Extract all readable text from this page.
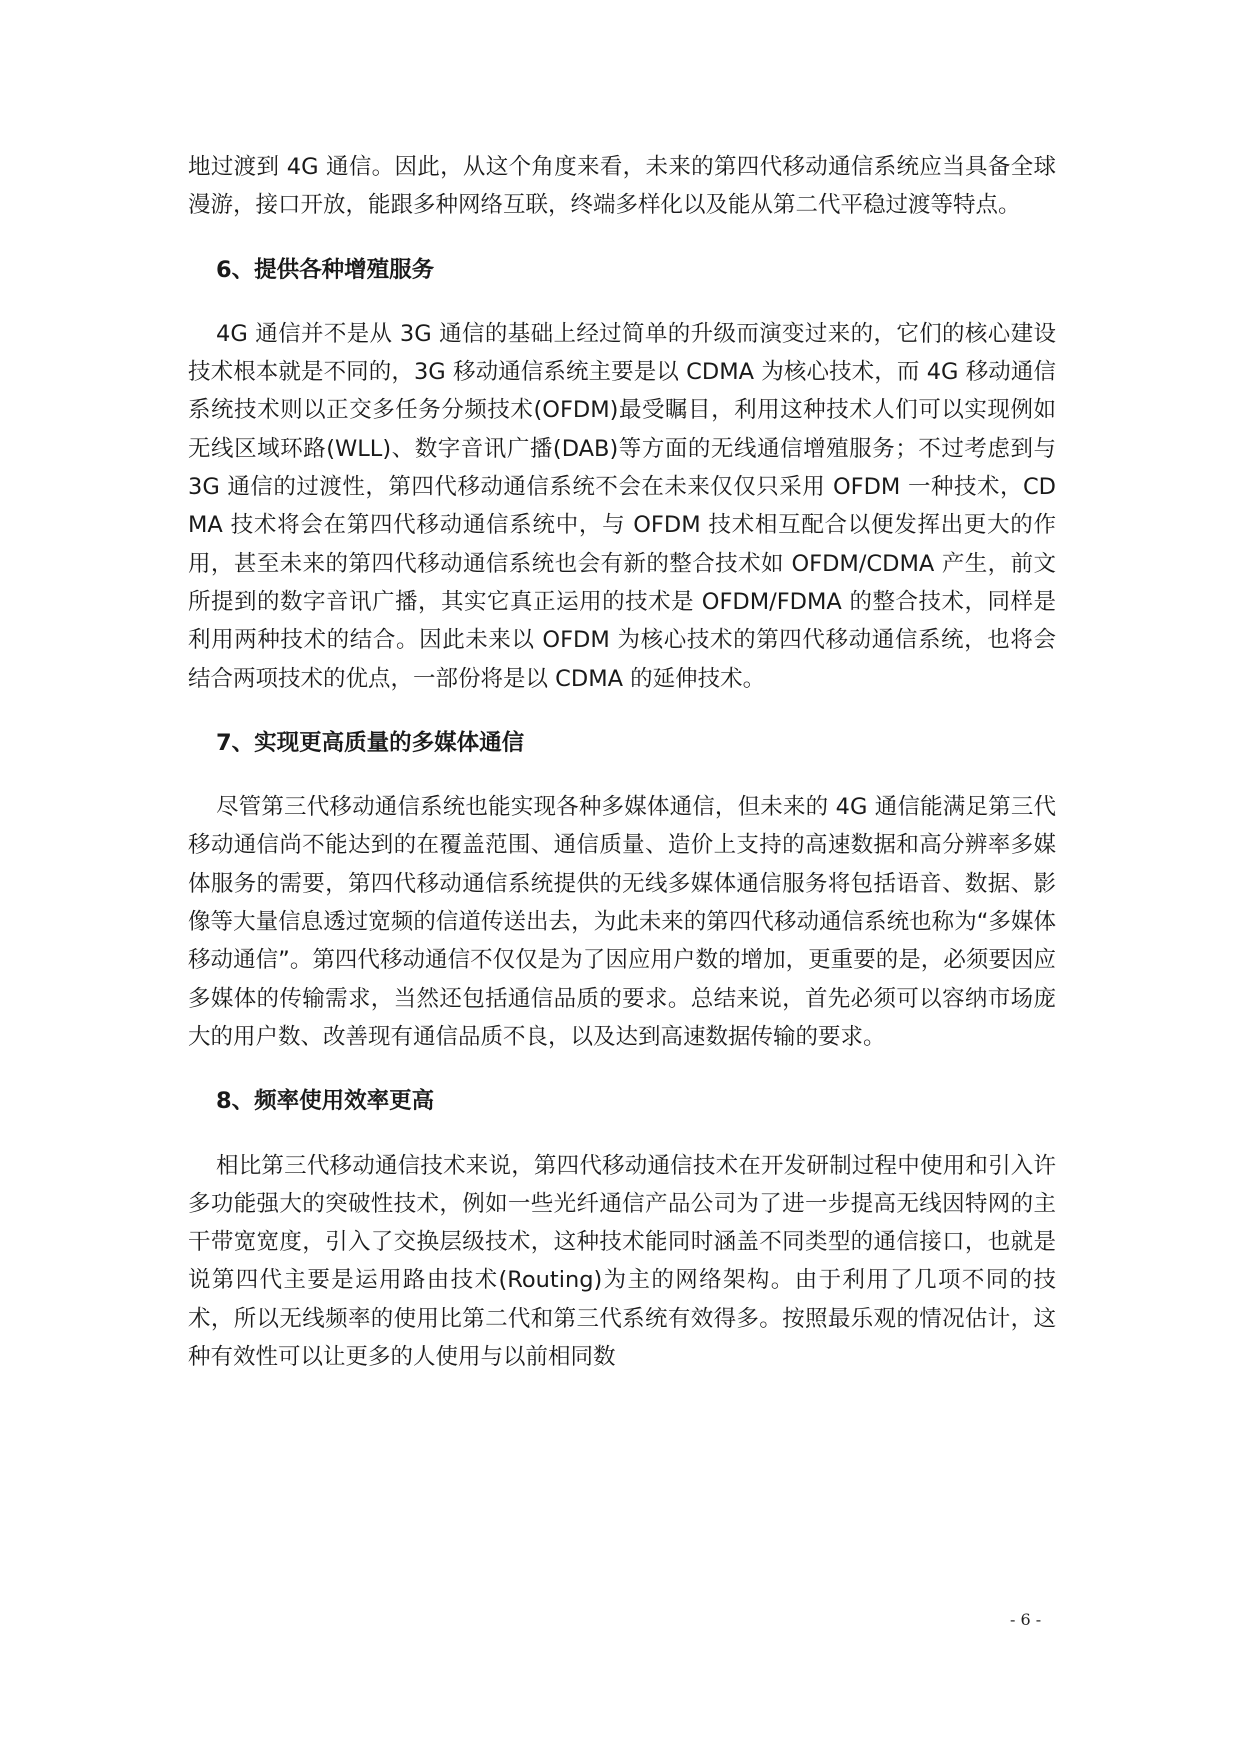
地过渡到 4G 通信。因此，从这个角度来看，未来的第四代移动通信系统应当具备全球漫游，接口开放，能跟多种网络互联，终端多样化以及能从第二代平稳过渡等特点。

6、提供各种增殖服务

4G 通信并不是从 3G 通信的基础上经过简单的升级而演变过来的，它们的核心建设技术根本就是不同的，3G 移动通信系统主要是以 CDMA 为核心技术，而 4G 移动通信系统技术则以正交多任务分频技术(OFDM)最受瞩目，利用这种技术人们可以实现例如无线区域环路(WLL)、数字音讯广播(DAB)等方面的无线通信增殖服务；不过考虑到与 3G 通信的过渡性，第四代移动通信系统不会在未来仅仅只采用 OFDM 一种技术，CDMA 技术将会在第四代移动通信系统中，与 OFDM 技术相互配合以便发挥出更大的作用，甚至未来的第四代移动通信系统也会有新的整合技术如 OFDM/CDMA 产生，前文所提到的数字音讯广播，其实它真正运用的技术是 OFDM/FDMA 的整合技术，同样是利用两种技术的结合。因此未来以 OFDM 为核心技术的第四代移动通信系统，也将会结合两项技术的优点，一部份将是以 CDMA 的延伸技术。

7、实现更高质量的多媒体通信

尽管第三代移动通信系统也能实现各种多媒体通信，但未来的 4G 通信能满足第三代移动通信尚不能达到的在覆盖范围、通信质量、造价上支持的高速数据和高分辨率多媒体服务的需要，第四代移动通信系统提供的无线多媒体通信服务将包括语音、数据、影像等大量信息透过宽频的信道传送出去，为此未来的第四代移动通信系统也称为“多媒体移动通信”。第四代移动通信不仅仅是为了因应用户数的增加，更重要的是，必须要因应多媒体的传输需求，当然还包括通信品质的要求。总结来说，首先必须可以容纳市场庞大的用户数、改善现有通信品质不良，以及达到高速数据传输的要求。

8、频率使用效率更高

相比第三代移动通信技术来说，第四代移动通信技术在开发研制过程中使用和引入许多功能强大的突破性技术，例如一些光纤通信产品公司为了进一步提高无线因特网的主干带宽宽度，引入了交换层级技术，这种技术能同时涵盖不同类型的通信接口，也就是说第四代主要是运用路由技术(Routing)为主的网络架构。由于利用了几项不同的技术，所以无线频率的使用比第二代和第三代系统有效得多。按照最乐观的情况估计，这种有效性可以让更多的人使用与以前相同数

- 6 -
